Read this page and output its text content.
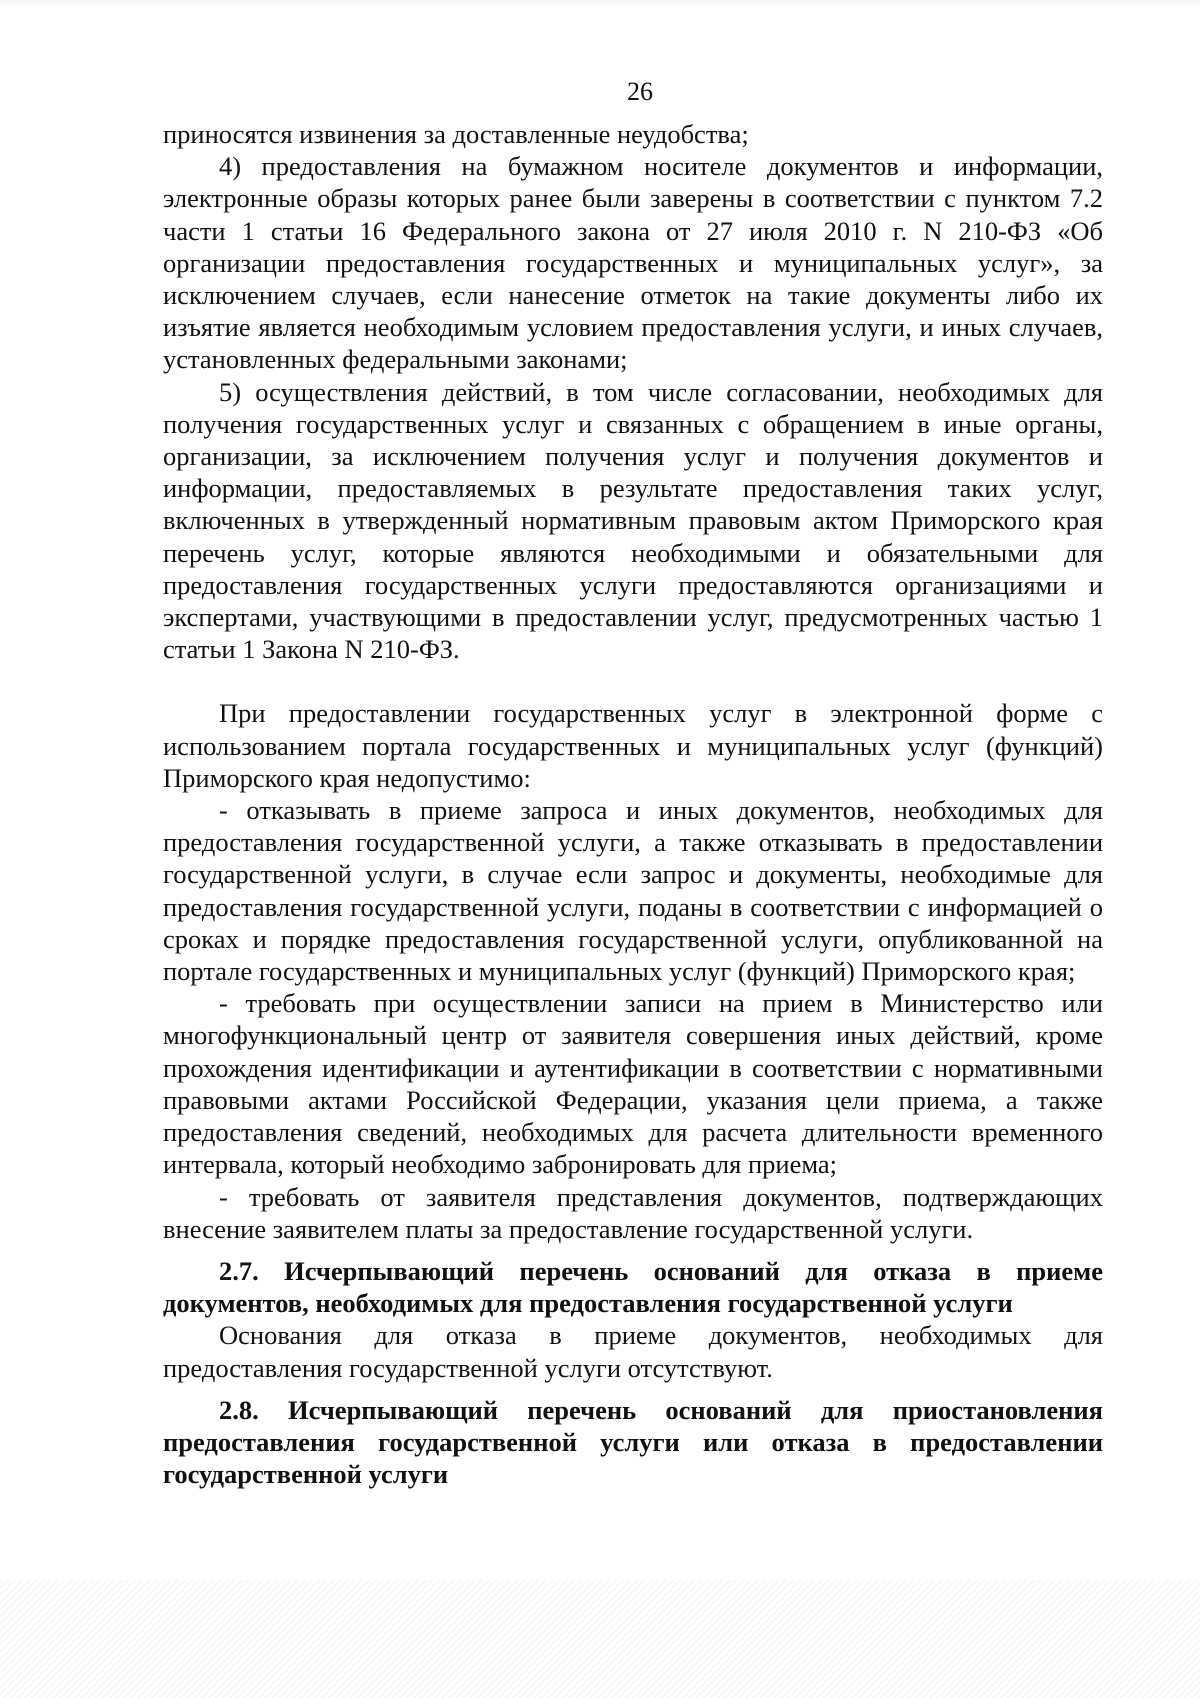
26

приносятся извинения за доставленные неудобства;

4) предоставления на бумажном носителе документов и информации, электронные образы которых ранее были заверены в соответствии с пунктом 7.2 части 1 статьи 16 Федерального закона от 27 июля 2010 г. N 210-ФЗ «Об организации предоставления государственных и муниципальных услуг», за исключением случаев, если нанесение отметок на такие документы либо их изъятие является необходимым условием предоставления услуги, и иных случаев, установленных федеральными законами;

5) осуществления действий, в том числе согласовании, необходимых для получения государственных услуг и связанных с обращением в иные органы, организации, за исключением получения услуг и получения документов и информации, предоставляемых в результате предоставления таких услуг, включенных в утвержденный нормативным правовым актом Приморского края перечень услуг, которые являются необходимыми и обязательными для предоставления государственных услуги предоставляются организациями и экспертами, участвующими в предоставлении услуг, предусмотренных частью 1 статьи 1 Закона N 210-ФЗ.

При предоставлении государственных услуг в электронной форме с использованием портала государственных и муниципальных услуг (функций) Приморского края недопустимо:

- отказывать в приеме запроса и иных документов, необходимых для предоставления государственной услуги, а также отказывать в предоставлении государственной услуги, в случае если запрос и документы, необходимые для предоставления государственной услуги, поданы в соответствии с информацией о сроках и порядке предоставления государственной услуги, опубликованной на портале государственных и муниципальных услуг (функций) Приморского края;

- требовать при осуществлении записи на прием в Министерство или многофункциональный центр от заявителя совершения иных действий, кроме прохождения идентификации и аутентификации в соответствии с нормативными правовыми актами Российской Федерации, указания цели приема, а также предоставления сведений, необходимых для расчета длительности временного интервала, который необходимо забронировать для приема;

- требовать от заявителя представления документов, подтверждающих внесение заявителем платы за предоставление государственной услуги.

2.7. Исчерпывающий перечень оснований для отказа в приеме документов, необходимых для предоставления государственной услуги

Основания для отказа в приеме документов, необходимых для предоставления государственной услуги отсутствуют.

2.8. Исчерпывающий перечень оснований для приостановления предоставления государственной услуги или отказа в предоставлении государственной услуги
